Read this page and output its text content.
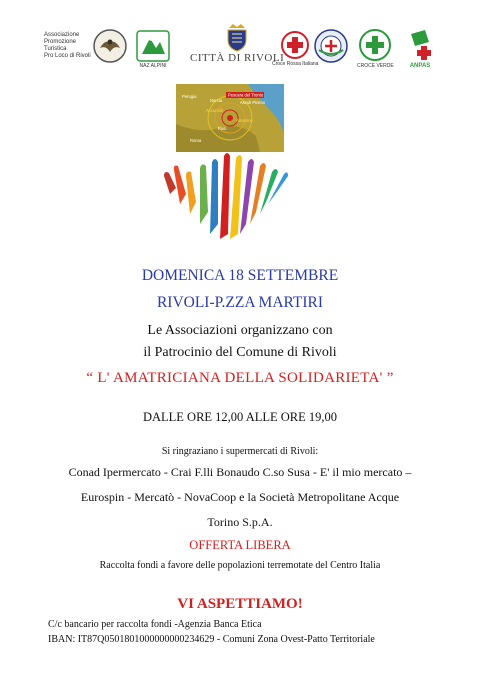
Associazione
Promozione
Turistica
Pro Loco di Rivoli
NAZ ALPINI
CITTÀ DI RIVOLI
Croce Rossa Italiana	CROCE VERDE	ANPAS
Perugia
Norcia
Pescara del Tronto
Ascoli Piceno
Accumoli
Amatrice
Rieti
Roma
DOMENICA 18 SETTEMBRE
RIVOLI-P.ZZA MARTIRI
Le Associazioni organizzano con
il Patrocinio del Comune di Rivoli
“ L' AMATRICIANA DELLA SOLIDARIETA' ”
DALLE ORE 12,00 ALLE ORE 19,00
Si ringraziano i supermercati di Rivoli:
Conad Ipermercato - Crai F.lli Bonaudo C.so Susa - E' il mio mercato –
Eurospin - Mercatò - NovaCoop e la Società Metropolitane Acque
Torino S.p.A.
OFFERTA LIBERA
Raccolta fondi a favore delle popolazioni terremotate del Centro Italia
VI ASPETTIAMO!
C/c bancario per raccolta fondi -Agenzia Banca Etica
IBAN: IT87Q0501801000000000234629 - Comuni Zona Ovest-Patto Territoriale
